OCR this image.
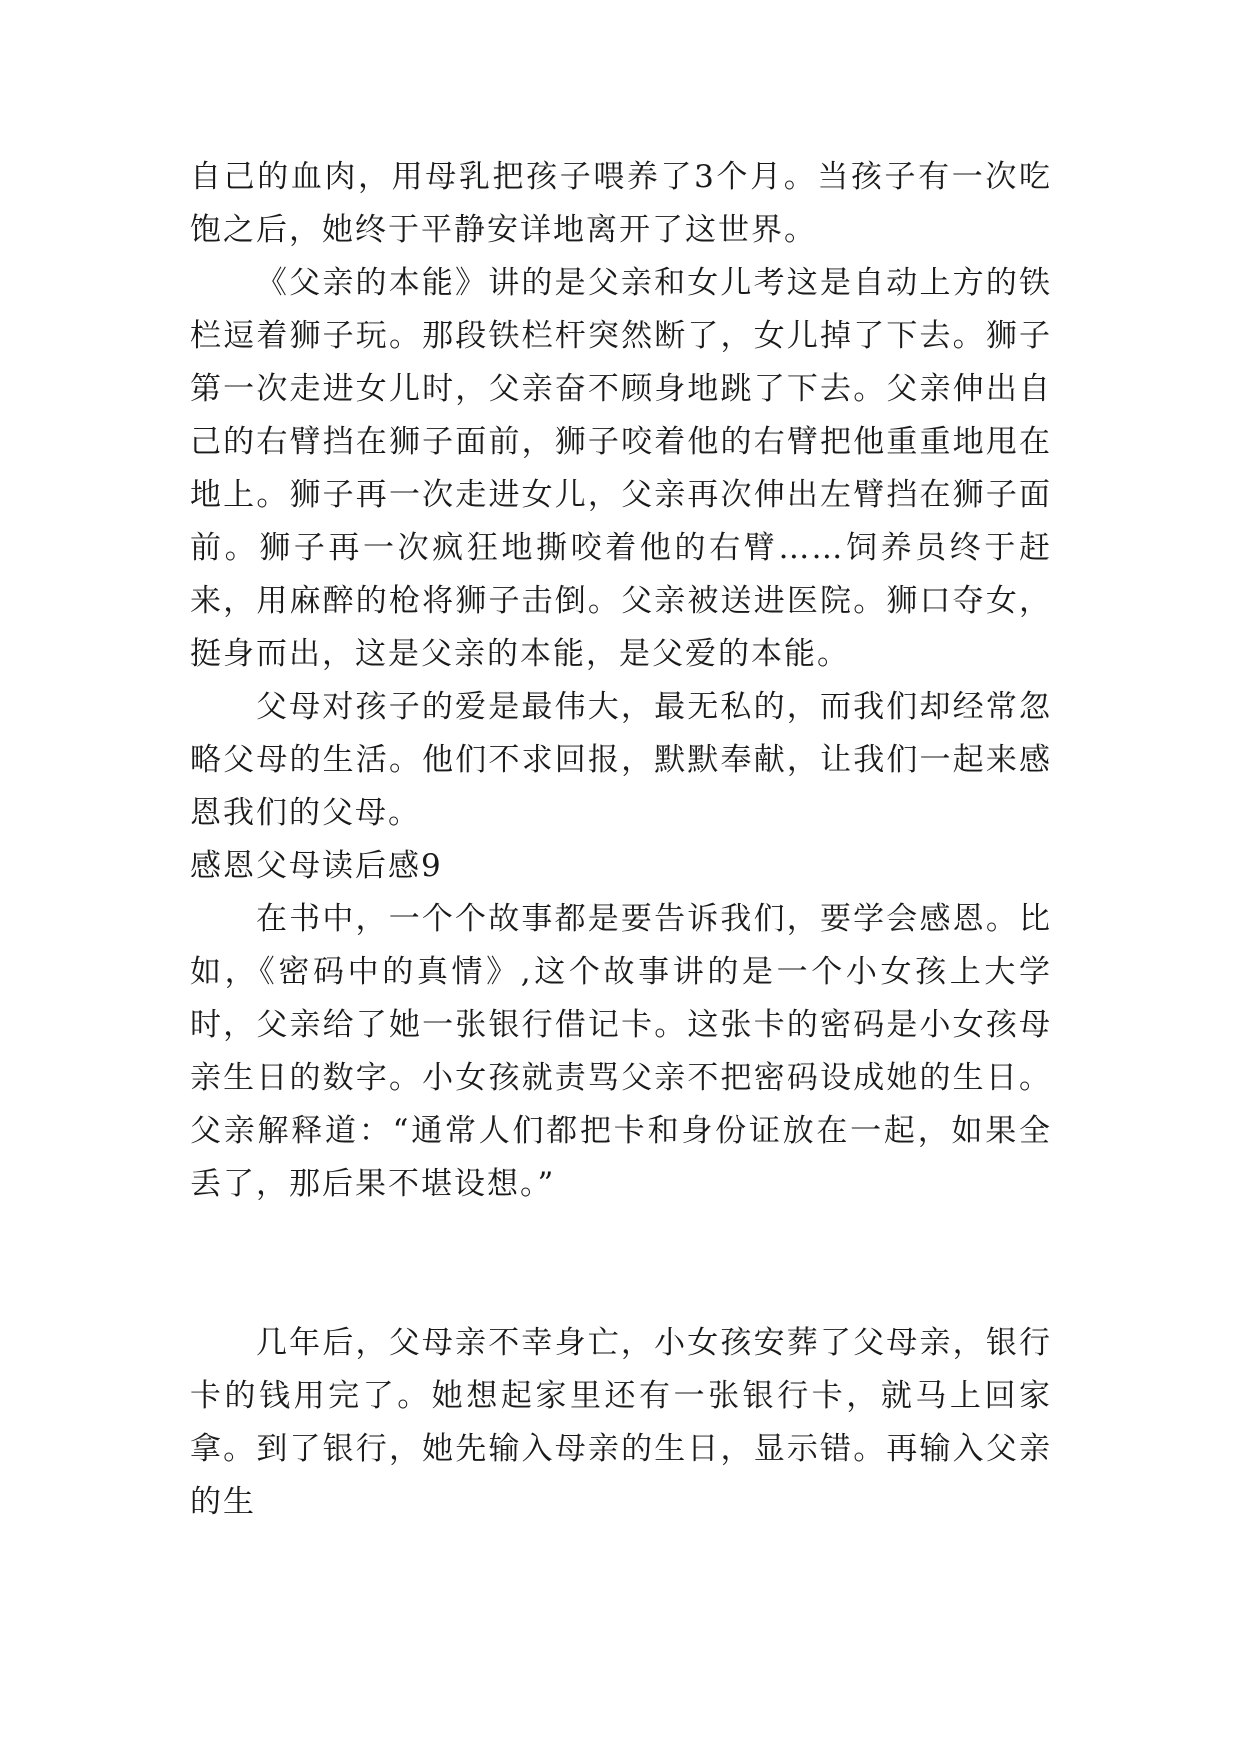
自己的血肉，用母乳把孩子喂养了3个月。当孩子有一次吃饱之后，她终于平静安详地离开了这世界。

《父亲的本能》讲的是父亲和女儿考这是自动上方的铁栏逗着狮子玩。那段铁栏杆突然断了，女儿掉了下去。狮子第一次走进女儿时，父亲奋不顾身地跳了下去。父亲伸出自己的右臂挡在狮子面前，狮子咬着他的右臂把他重重地甩在地上。狮子再一次走进女儿，父亲再次伸出左臂挡在狮子面前。狮子再一次疯狂地撕咬着他的右臂……饲养员终于赶来，用麻醉的枪将狮子击倒。父亲被送进医院。狮口夺女，挺身而出，这是父亲的本能，是父爱的本能。

父母对孩子的爱是最伟大，最无私的，而我们却经常忽略父母的生活。他们不求回报，默默奉献，让我们一起来感恩我们的父母。

感恩父母读后感9

在书中，一个个故事都是要告诉我们，要学会感恩。比如，《密码中的真情》,这个故事讲的是一个小女孩上大学时，父亲给了她一张银行借记卡。这张卡的密码是小女孩母亲生日的数字。小女孩就责骂父亲不把密码设成她的生日。父亲解释道：“通常人们都把卡和身份证放在一起，如果全丢了，那后果不堪设想。”

几年后，父母亲不幸身亡，小女孩安葬了父母亲，银行卡的钱用完了。她想起家里还有一张银行卡，就马上回家拿。到了银行，她先输入母亲的生日，显示错。再输入父亲的生
